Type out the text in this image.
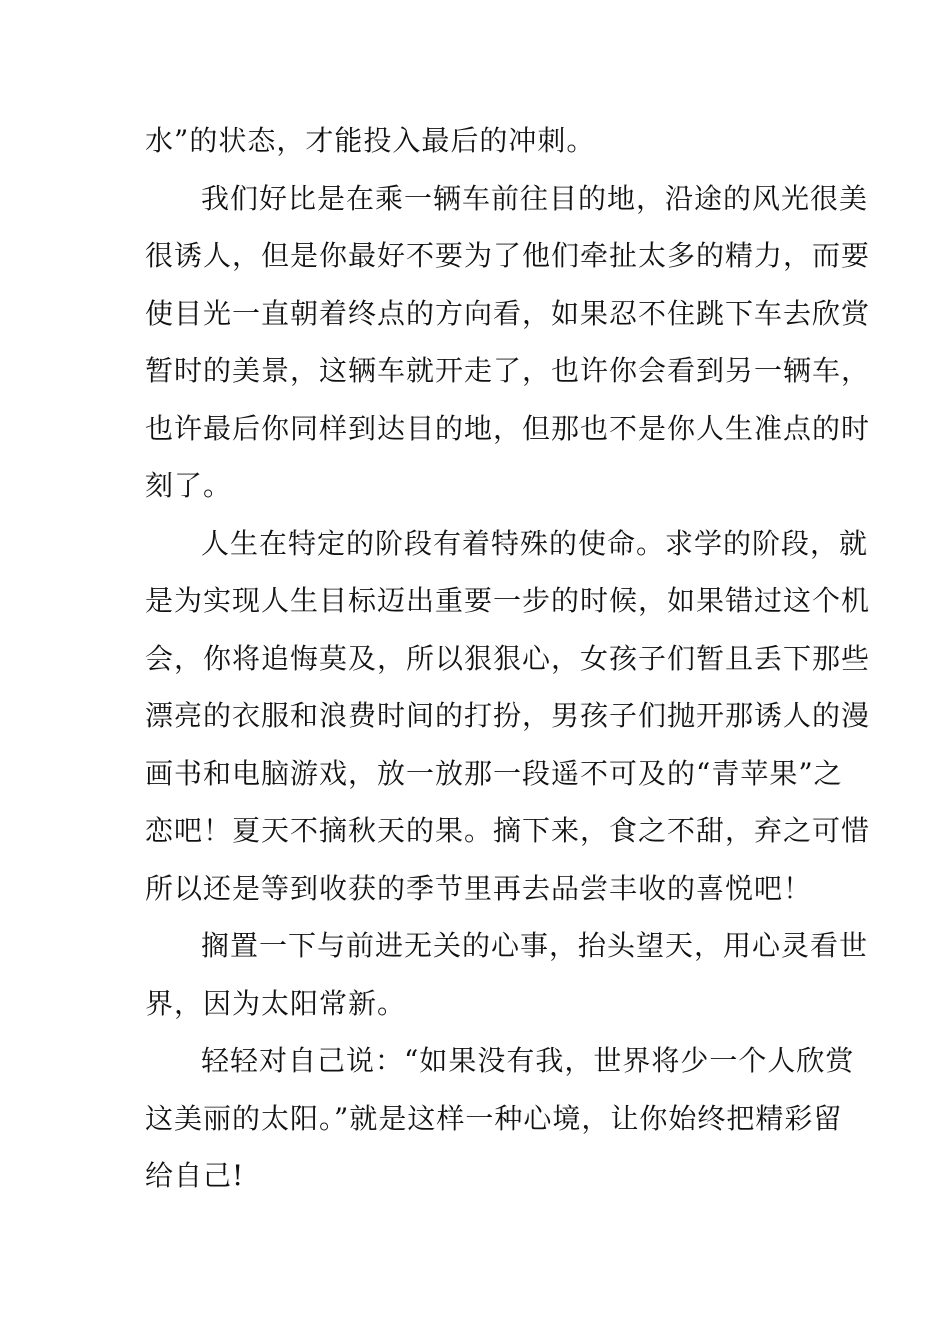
水”的状态，才能投入最后的冲刺。
我们好比是在乘一辆车前往目的地，沿途的风光很美
很诱人，但是你最好不要为了他们牵扯太多的精力，而要
使目光一直朝着终点的方向看，如果忍不住跳下车去欣赏
暂时的美景，这辆车就开走了，也许你会看到另一辆车，
也许最后你同样到达目的地，但那也不是你人生准点的时
刻了。
人生在特定的阶段有着特殊的使命。求学的阶段，就
是为实现人生目标迈出重要一步的时候，如果错过这个机
会，你将追悔莫及，所以狠狠心，女孩子们暂且丢下那些
漂亮的衣服和浪费时间的打扮，男孩子们抛开那诱人的漫
画书和电脑游戏，放一放那一段遥不可及的“青苹果”之
恋吧！夏天不摘秋天的果。摘下来，食之不甜，弃之可惜
所以还是等到收获的季节里再去品尝丰收的喜悦吧！
搁置一下与前进无关的心事，抬头望天，用心灵看世
界，因为太阳常新。
轻轻对自己说：“如果没有我，世界将少一个人欣赏
这美丽的太阳。”就是这样一种心境，让你始终把精彩留
给自己!
